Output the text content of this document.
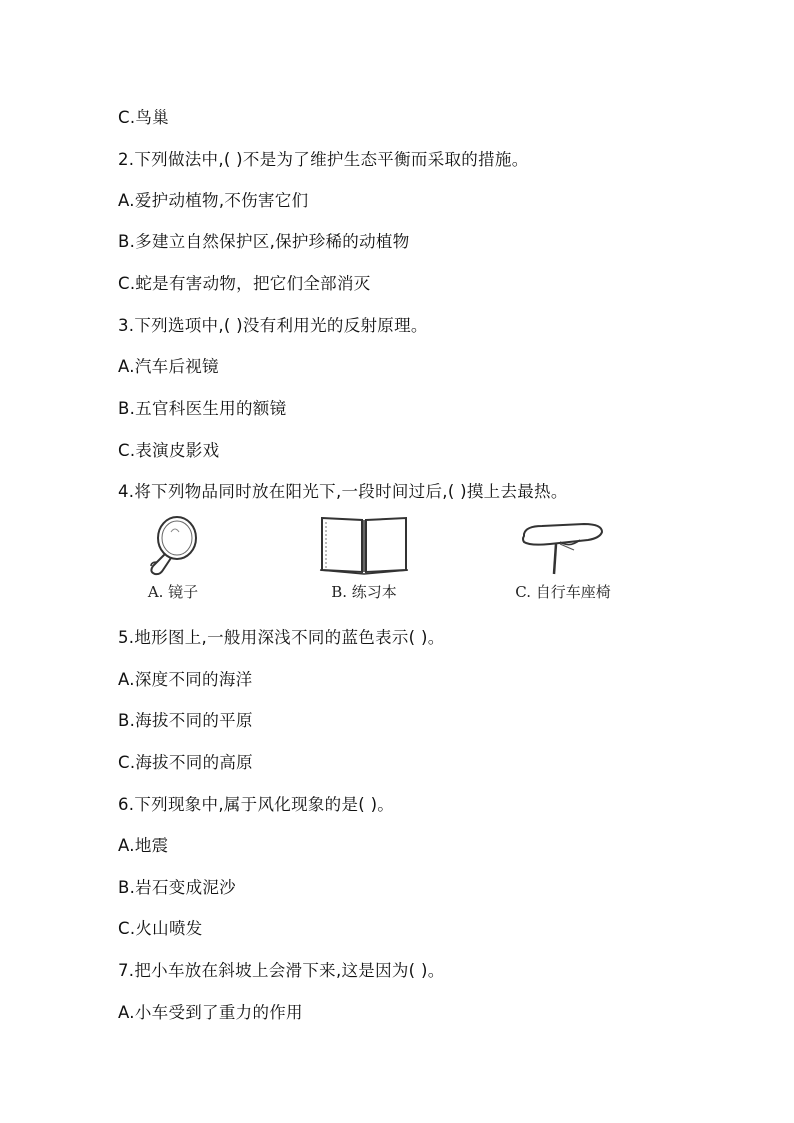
C.鸟巢
2.下列做法中,( )不是为了维护生态平衡而采取的措施。
A.爱护动植物,不伤害它们
B.多建立自然保护区,保护珍稀的动植物
C.蛇是有害动物，把它们全部消灭
3.下列选项中,( )没有利用光的反射原理。
A.汽车后视镜
B.五官科医生用的额镜
C.表演皮影戏
4.将下列物品同时放在阳光下,一段时间过后,( )摸上去最热。
A. 镜子	B. 练习本	C. 自行车座椅
5.地形图上,一般用深浅不同的蓝色表示( )。
A.深度不同的海洋
B.海拔不同的平原
C.海拔不同的高原
6.下列现象中,属于风化现象的是( )。
A.地震
B.岩石变成泥沙
C.火山喷发
7.把小车放在斜坡上会滑下来,这是因为( )。
A.小车受到了重力的作用
